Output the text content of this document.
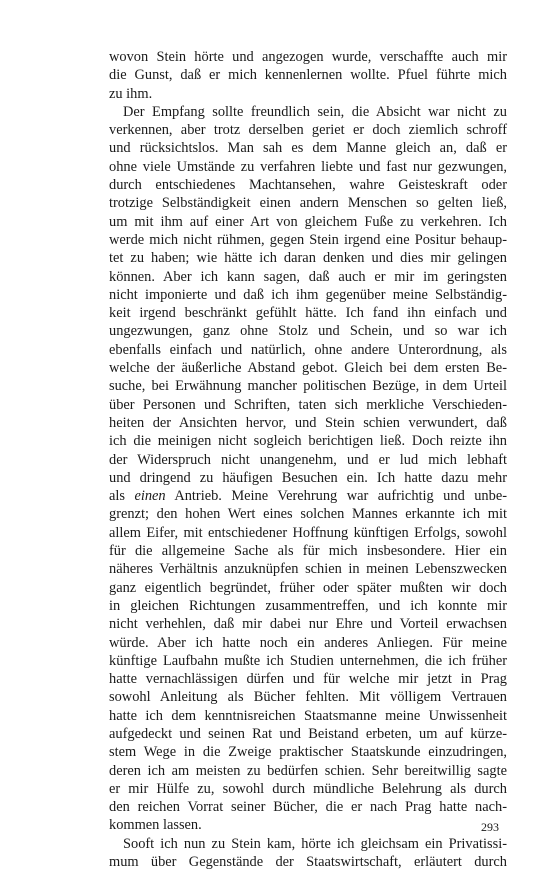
wovon Stein hörte und angezogen wurde, verschaffte auch mir
die Gunst, daß er mich kennenlernen wollte. Pfuel führte mich
zu ihm.
Der Empfang sollte freundlich sein, die Absicht war nicht zu
verkennen, aber trotz derselben geriet er doch ziemlich schroff
und rücksichtslos. Man sah es dem Manne gleich an, daß er
ohne viele Umstände zu verfahren liebte und fast nur gezwungen,
durch entschiedenes Machtansehen, wahre Geisteskraft oder
trotzige Selbständigkeit einen andern Menschen so gelten ließ,
um mit ihm auf einer Art von gleichem Fuße zu verkehren. Ich
werde mich nicht rühmen, gegen Stein irgend eine Positur behaup-
tet zu haben; wie hätte ich daran denken und dies mir gelingen
können. Aber ich kann sagen, daß auch er mir im geringsten
nicht imponierte und daß ich ihm gegenüber meine Selbständig-
keit irgend beschränkt gefühlt hätte. Ich fand ihn einfach und
ungezwungen, ganz ohne Stolz und Schein, und so war ich
ebenfalls einfach und natürlich, ohne andere Unterordnung, als
welche der äußerliche Abstand gebot. Gleich bei dem ersten Be-
suche, bei Erwähnung mancher politischen Bezüge, in dem Urteil
über Personen und Schriften, taten sich merkliche Verschieden-
heiten der Ansichten hervor, und Stein schien verwundert, daß
ich die meinigen nicht sogleich berichtigen ließ. Doch reizte ihn
der Widerspruch nicht unangenehm, und er lud mich lebhaft
und dringend zu häufigen Besuchen ein. Ich hatte dazu mehr
als einen Antrieb. Meine Verehrung war aufrichtig und unbe-
grenzt; den hohen Wert eines solchen Mannes erkannte ich mit
allem Eifer, mit entschiedener Hoffnung künftigen Erfolgs, sowohl
für die allgemeine Sache als für mich insbesondere. Hier ein
näheres Verhältnis anzuknüpfen schien in meinen Lebenszwecken
ganz eigentlich begründet, früher oder später mußten wir doch
in gleichen Richtungen zusammentreffen, und ich konnte mir
nicht verhehlen, daß mir dabei nur Ehre und Vorteil erwachsen
würde. Aber ich hatte noch ein anderes Anliegen. Für meine
künftige Laufbahn mußte ich Studien unternehmen, die ich früher
hatte vernachlässigen dürfen und für welche mir jetzt in Prag
sowohl Anleitung als Bücher fehlten. Mit völligem Vertrauen
hatte ich dem kenntnisreichen Staatsmanne meine Unwissenheit
aufgedeckt und seinen Rat und Beistand erbeten, um auf kürze-
stem Wege in die Zweige praktischer Staatskunde einzudringen,
deren ich am meisten zu bedürfen schien. Sehr bereitwillig sagte
er mir Hülfe zu, sowohl durch mündliche Belehrung als durch
den reichen Vorrat seiner Bücher, die er nach Prag hatte nach-
kommen lassen.
Sooft ich nun zu Stein kam, hörte ich gleichsam ein Privatissi-
mum über Gegenstände der Staatswirtschaft, erläutert durch
293
